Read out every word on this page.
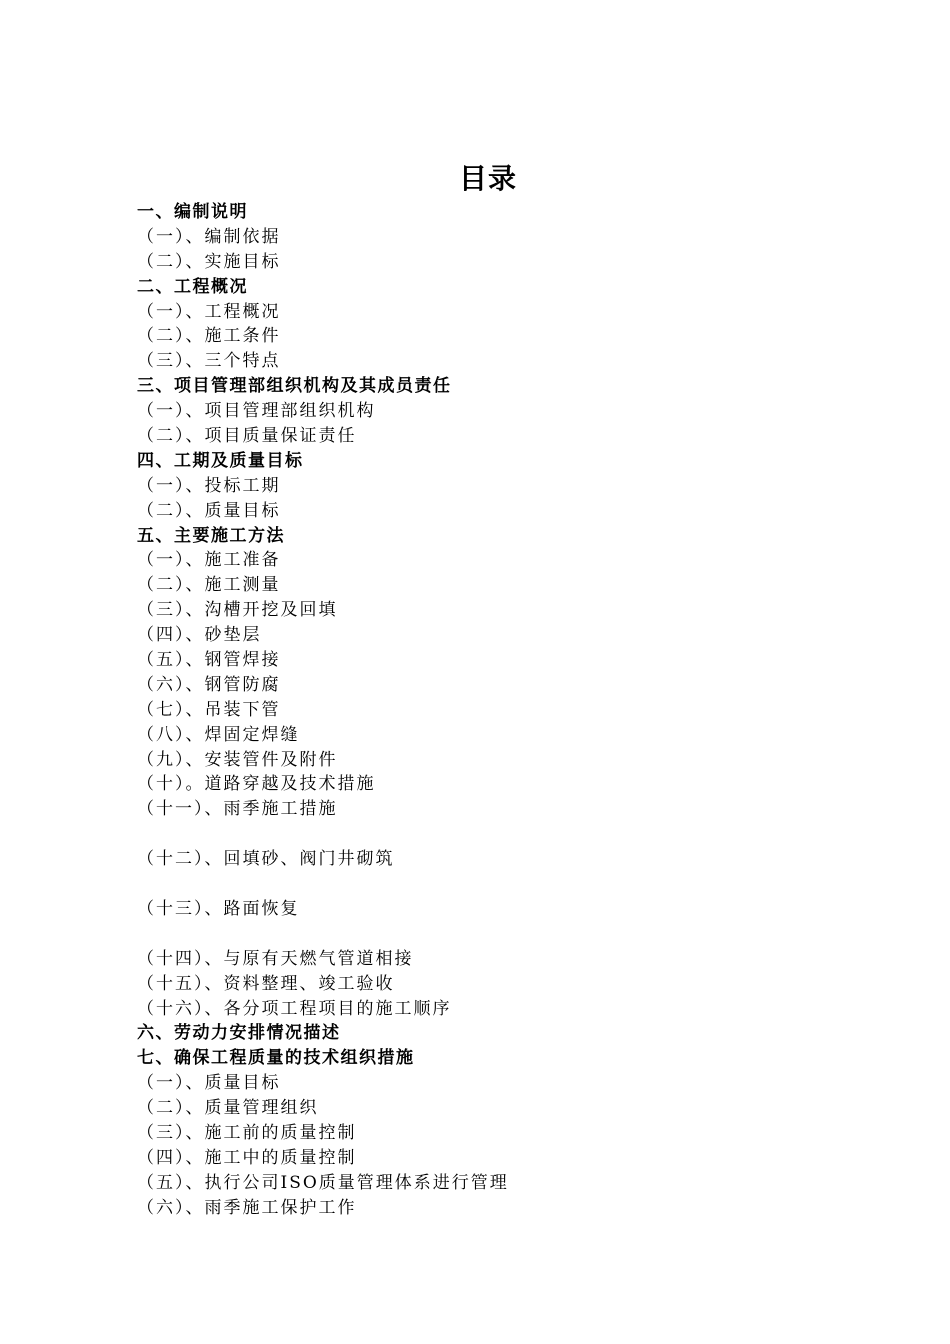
目录
一、编制说明
（一）、编制依据
（二）、实施目标
二、工程概况
（一）、工程概况
（二）、施工条件
（三）、三个特点
三、项目管理部组织机构及其成员责任
（一）、项目管理部组织机构
（二）、项目质量保证责任
四、工期及质量目标
（一）、投标工期
（二）、质量目标
五、主要施工方法
（一）、施工准备
（二）、施工测量
（三）、沟槽开挖及回填
（四）、砂垫层
（五）、钢管焊接
（六）、钢管防腐
（七）、吊装下管
（八）、焊固定焊缝
（九）、安装管件及附件
（十）。道路穿越及技术措施
（十一）、雨季施工措施
（十二）、回填砂、阀门井砌筑
（十三）、路面恢复
（十四）、与原有天燃气管道相接
（十五）、资料整理、竣工验收
（十六）、各分项工程项目的施工顺序
六、劳动力安排情况描述
七、确保工程质量的技术组织措施
（一）、质量目标
（二）、质量管理组织
（三）、施工前的质量控制
（四）、施工中的质量控制
（五）、执行公司ISO质量管理体系进行管理
（六）、雨季施工保护工作
